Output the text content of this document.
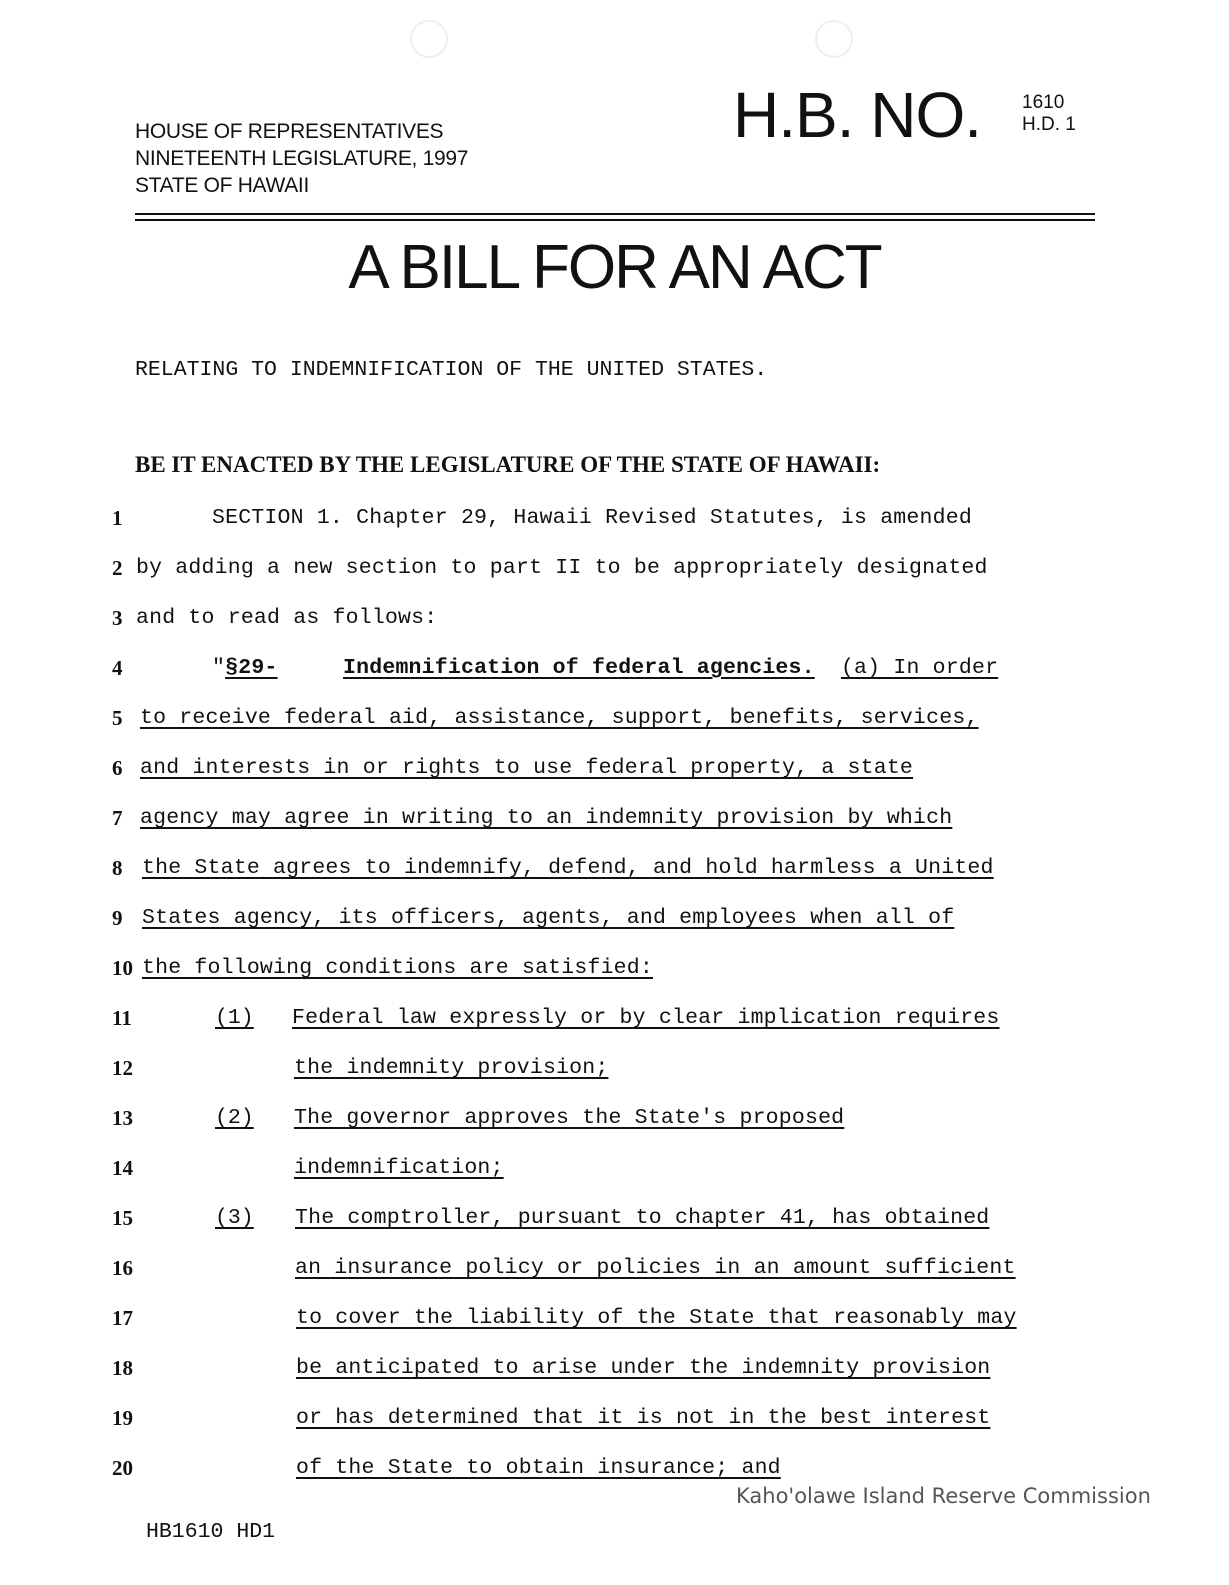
HOUSE OF REPRESENTATIVES
NINETEENTH LEGISLATURE, 1997
STATE OF HAWAII
H.B. NO. 1610
H.D. 1
A BILL FOR AN ACT
RELATING TO INDEMNIFICATION OF THE UNITED STATES.
BE IT ENACTED BY THE LEGISLATURE OF THE STATE OF HAWAII:
1	SECTION 1. Chapter 29, Hawaii Revised Statutes, is amended
2 by adding a new section to part II to be appropriately designated
3 and to read as follows:
4	"§29-	Indemnification of federal agencies. (a) In order
5 to receive federal aid, assistance, support, benefits, services,
6 and interests in or rights to use federal property, a state
7 agency may agree in writing to an indemnity provision by which
8 the State agrees to indemnify, defend, and hold harmless a United
9 States agency, its officers, agents, and employees when all of
10 the following conditions are satisfied:
11	(1) Federal law expressly or by clear implication requires
12	the indemnity provision;
13	(2) The governor approves the State's proposed
14	indemnification;
15	(3) The comptroller, pursuant to chapter 41, has obtained
16	an insurance policy or policies in an amount sufficient
17	to cover the liability of the State that reasonably may
18	be anticipated to arise under the indemnity provision
19	or has determined that it is not in the best interest
20	of the State to obtain insurance; and
Kaho'olawe Island Reserve Commission
HB1610 HD1
